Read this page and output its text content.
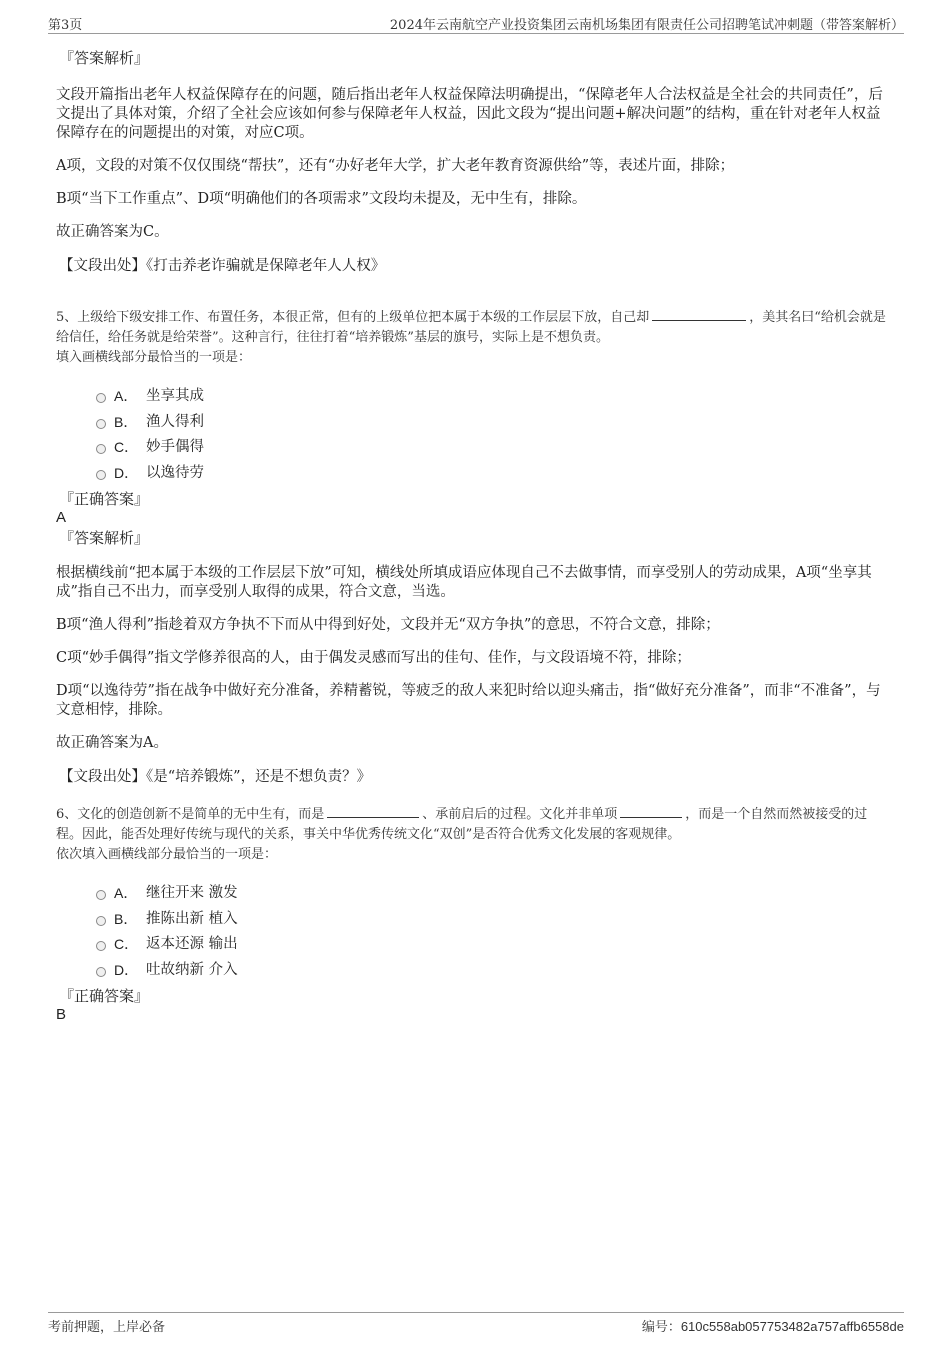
第3页	2024年云南航空产业投资集团云南机场集团有限责任公司招聘笔试冲刺题（带答案解析）
『答案解析』

文段开篇指出老年人权益保障存在的问题，随后指出老年人权益保障法明确提出，“保障老年人合法权益是全社会的共同责任”，后文提出了具体对策，介绍了全社会应该如何参与保障老年人权益，因此文段为“提出问题+解决问题”的结构，重在针对老年人权益保障存在的问题提出的对策，对应C项。

A项，文段的对策不仅仅围绕“帮扶”，还有“办好老年大学，扩大老年教育资源供给”等，表述片面，排除；

B项“当下工作重点”、D项“明确他们的各项需求”文段均未提及，无中生有，排除。

故正确答案为C。

【文段出处】《打击养老诈骗就是保障老年人人权》

5、上级给下级安排工作、布置任务，本很正常，但有的上级单位把本属于本级的工作层层下放，自己却	，美其名曰“给机会就是给信任，给任务就是给荣誉”。这种言行，往往打着“培养锻炼”基层的旗号，实际上是不想负责。

填入画横线部分最恰当的一项是：

A． 坐享其成
B． 渔人得利
C． 妙手偶得
D． 以逸待劳
『正确答案』
A
『答案解析』

根据横线前“把本属于本级的工作层层下放”可知，横线处所填成语应体现自己不去做事情，而享受别人的劳动成果，A项“坐享其成”指自己不出力，而享受别人取得的成果，符合文意，当选。

B项“渔人得利”指趁着双方争执不下而从中得到好处，文段并无“双方争执”的意思，不符合文意，排除；

C项“妙手偶得”指文学修养很高的人，由于偶发灵感而写出的佳句、佳作，与文段语境不符，排除；

D项“以逸待劳”指在战争中做好充分准备，养精蓄锐，等疲乏的敌人来犯时给以迎头痛击，指“做好充分准备”，而非“不准备”，与文意相悖，排除。

故正确答案为A。

【文段出处】《是“培养锻炼”，还是不想负责？》

6、文化的创造创新不是简单的无中生有，而是	、承前启后的过程。文化并非单项	，而是一个自然而然被接受的过程。因此，能否处理好传统与现代的关系，事关中华优秀传统文化“双创”是否符合优秀文化发展的客观规律。

依次填入画横线部分最恰当的一项是：

A． 继往开来 激发
B． 推陈出新 植入
C． 返本还源 输出
D． 吐故纳新 介入
『正确答案』
B
考前押题，上岸必备	编号：610c558ab057753482a757affb6558de
